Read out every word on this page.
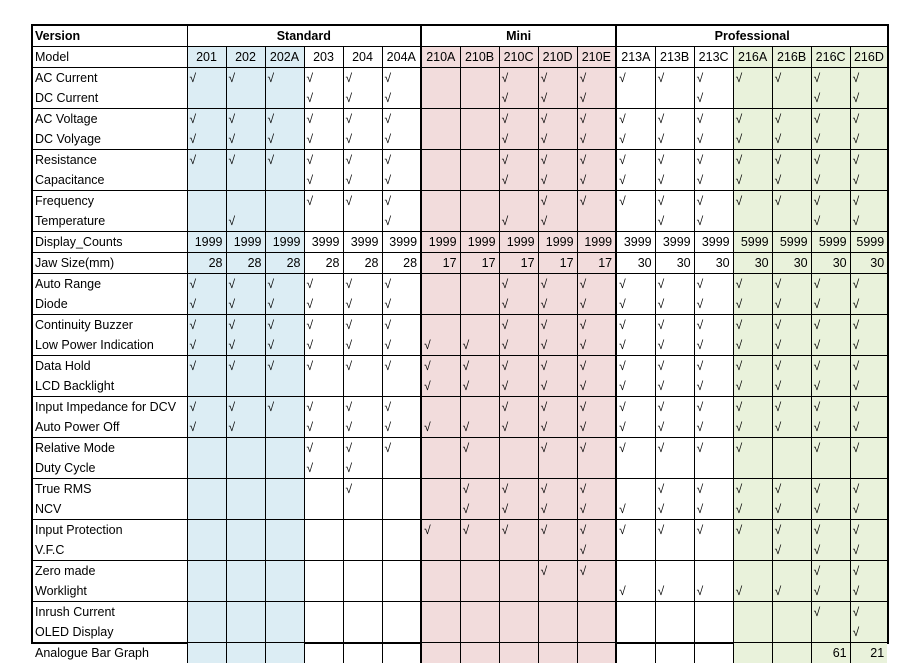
Version	Standard						Mini					Professional						
Model	201	202	202A	203	204	204A	210A	210B	210C	210D	210E	213A	213B	213C	216A	216B	216C	216D
AC Current	√	√	√	√	√	√			√	√	√	√	√	√	√	√	√	√
DC Current				√	√	√			√	√	√			√			√	√
AC Voltage	√	√	√	√	√	√			√	√	√	√	√	√	√	√	√	√
DC Volyage	√	√	√	√	√	√			√	√	√	√	√	√	√	√	√	√
Resistance	√	√	√	√	√	√			√	√	√	√	√	√	√	√	√	√
Capacitance				√	√	√			√	√	√	√	√	√	√	√	√	√
Frequency				√	√	√				√	√	√	√	√	√	√	√	√
Temperature		√				√			√	√			√	√			√	√
Display_Counts	1999	1999	1999	3999	3999	3999	1999	1999	1999	1999	1999	3999	3999	3999	5999	5999	5999	5999
Jaw Size(mm)	28	28	28	28	28	28	17	17	17	17	17	30	30	30	30	30	30	30
Auto Range	√	√	√	√	√	√			√	√	√	√	√	√	√	√	√	√
Diode	√	√	√	√	√	√			√	√	√	√	√	√	√	√	√	√
Continuity Buzzer	√	√	√	√	√	√			√	√	√	√	√	√	√	√	√	√
Low Power Indication	√	√	√	√	√	√	√	√	√	√	√	√	√	√	√	√	√	√
Data Hold	√	√	√	√	√	√	√	√	√	√	√	√	√	√	√	√	√	√
LCD Backlight							√	√	√	√	√	√	√	√	√	√	√	√
Input Impedance for DCV	√	√	√	√	√	√			√	√	√	√	√	√	√	√	√	√
Auto Power Off	√	√		√	√	√	√	√	√	√	√	√	√	√	√	√	√	√
Relative Mode				√	√	√		√		√	√	√	√	√	√		√	√
Duty Cycle				√	√													
True RMS					√			√	√	√	√		√	√	√	√	√	√
NCV								√	√	√	√	√	√	√	√	√	√	√
Input Protection							√	√	√	√	√	√	√	√	√	√	√	√
V.F.C											√					√	√	√
Zero made										√	√						√	√
Worklight												√	√	√	√	√	√	√
Inrush Current																	√	√
OLED Display																		√
Analogue Bar Graph																	61	21
